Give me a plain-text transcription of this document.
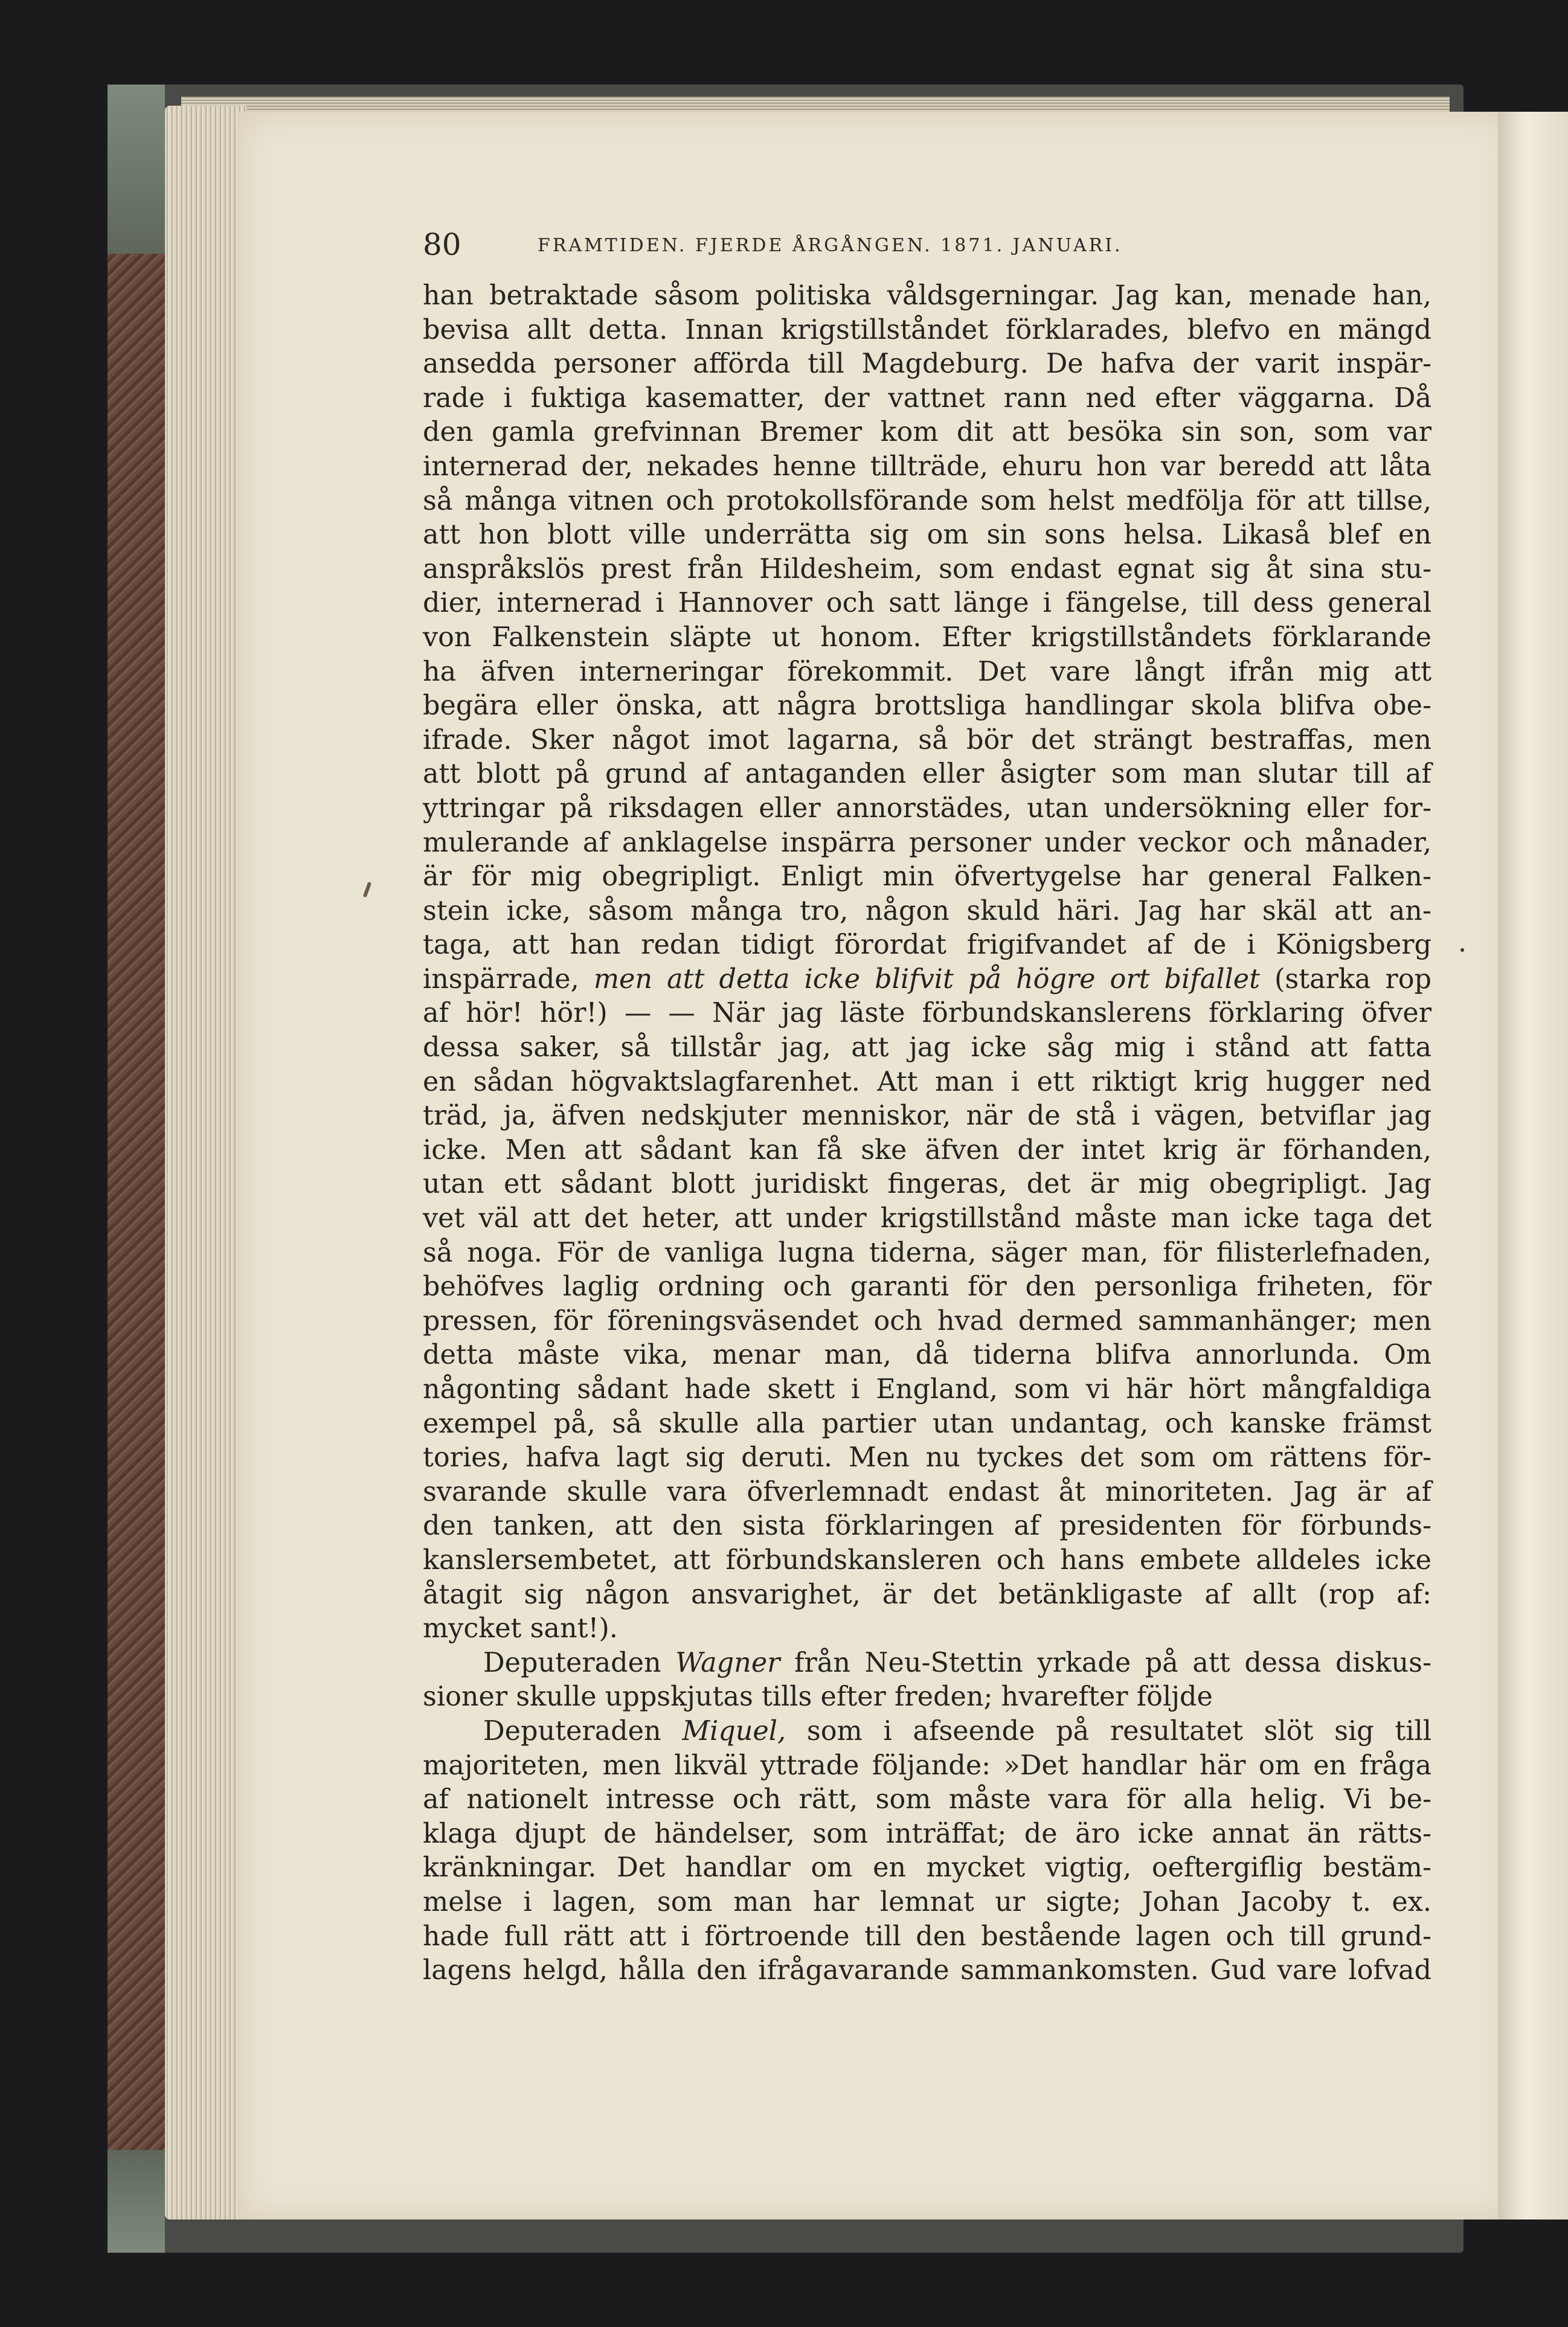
80	FRAMTIDEN. FJERDE ÅRGÅNGEN. 1871. JANUARI.
han betraktade såsom politiska våldsgerningar. Jag kan, menade han,
bevisa allt detta. Innan krigstillståndet förklarades, blefvo en mängd
ansedda personer afförda till Magdeburg. De hafva der varit inspär-
rade i fuktiga kasematter, der vattnet rann ned efter väggarna. Då
den gamla grefvinnan Bremer kom dit att besöka sin son, som var
internerad der, nekades henne tillträde, ehuru hon var beredd att låta
så många vitnen och protokollsförande som helst medfölja för att tillse,
att hon blott ville underrätta sig om sin sons helsa. Likaså blef en
anspråkslös prest från Hildesheim, som endast egnat sig åt sina stu-
dier, internerad i Hannover och satt länge i fängelse, till dess general
von Falkenstein släpte ut honom. Efter krigstillståndets förklarande
ha äfven interneringar förekommit. Det vare långt ifrån mig att
begära eller önska, att några brottsliga handlingar skola blifva obe-
ifrade. Sker något imot lagarna, så bör det strängt bestraffas, men
att blott på grund af antaganden eller åsigter som man slutar till af
yttringar på riksdagen eller annorstädes, utan undersökning eller for-
mulerande af anklagelse inspärra personer under veckor och månader,
är för mig obegripligt. Enligt min öfvertygelse har general Falken-
stein icke, såsom många tro, någon skuld häri. Jag har skäl att an-
taga, att han redan tidigt förordat frigifvandet af de i Königsberg
inspärrade, men att detta icke blifvit på högre ort bifallet (starka rop
af hör! hör!) — — När jag läste förbundskanslerens förklaring öfver
dessa saker, så tillstår jag, att jag icke såg mig i stånd att fatta
en sådan högvaktslagfarenhet. Att man i ett riktigt krig hugger ned
träd, ja, äfven nedskjuter menniskor, när de stå i vägen, betviflar jag
icke. Men att sådant kan få ske äfven der intet krig är förhanden,
utan ett sådant blott juridiskt fingeras, det är mig obegripligt. Jag
vet väl att det heter, att under krigstillstånd måste man icke taga det
så noga. För de vanliga lugna tiderna, säger man, för filisterlefnaden,
behöfves laglig ordning och garanti för den personliga friheten, för
pressen, för föreningsväsendet och hvad dermed sammanhänger; men
detta måste vika, menar man, då tiderna blifva annorlunda. Om
någonting sådant hade skett i England, som vi här hört mångfaldiga
exempel på, så skulle alla partier utan undantag, och kanske främst
tories, hafva lagt sig deruti. Men nu tyckes det som om rättens för-
svarande skulle vara öfverlemnadt endast åt minoriteten. Jag är af
den tanken, att den sista förklaringen af presidenten för förbunds-
kanslersembetet, att förbundskansleren och hans embete alldeles icke
åtagit sig någon ansvarighet, är det betänkligaste af allt (rop af:
mycket sant!).
Deputeraden Wagner från Neu-Stettin yrkade på att dessa diskus-
sioner skulle uppskjutas tills efter freden; hvarefter följde
Deputeraden Miquel, som i afseende på resultatet slöt sig till
majoriteten, men likväl yttrade följande: »Det handlar här om en fråga
af nationelt intresse och rätt, som måste vara för alla helig. Vi be-
klaga djupt de händelser, som inträffat; de äro icke annat än rätts-
kränkningar. Det handlar om en mycket vigtig, oeftergiflig bestäm-
melse i lagen, som man har lemnat ur sigte; Johan Jacoby t. ex.
hade full rätt att i förtroende till den bestående lagen och till grund-
lagens helgd, hålla den ifrågavarande sammankomsten. Gud vare lofvad
